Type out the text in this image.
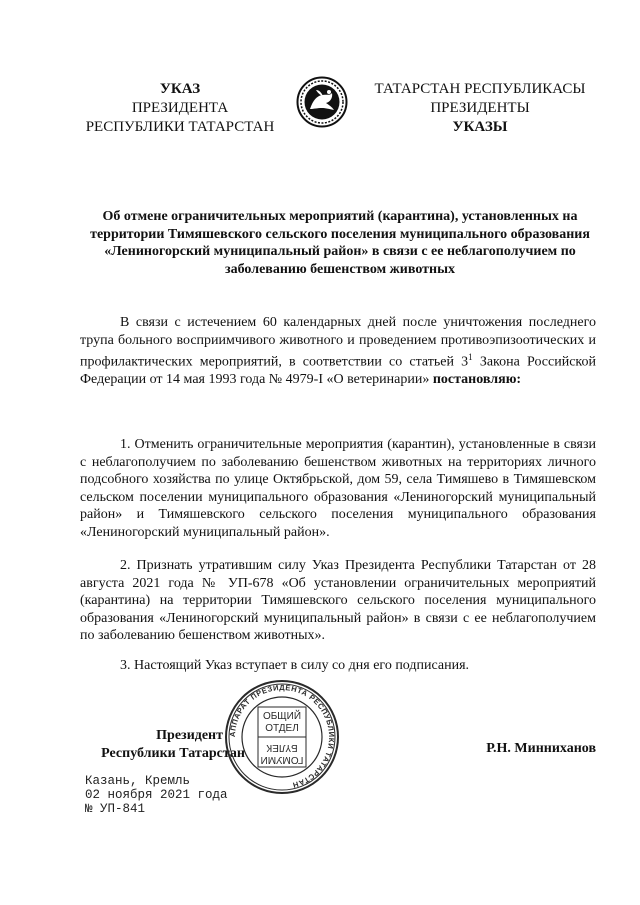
УКАЗ
ПРЕЗИДЕНТА
РЕСПУБЛИКИ ТАТАРСТАН
ТАТАРСТАН РЕСПУБЛИКАСЫ
ПРЕЗИДЕНТЫ
УКАЗЫ
Об отмене ограничительных мероприятий (карантина), установленных на территории Тимяшевского сельского поселения муниципального образования «Лениногорский муниципальный район» в связи с ее неблагополучием по заболеванию бешенством животных
В связи с истечением 60 календарных дней после уничтожения последнего трупа больного восприимчивого животного и проведением противоэпизоотических и профилактических мероприятий, в соответствии со статьей $3^1$ Закона Российской Федерации от 14 мая 1993 года № 4979-I «О ветеринарии» постановляю:
1. Отменить ограничительные мероприятия (карантин), установленные в связи с неблагополучием по заболеванию бешенством животных на территориях личного подсобного хозяйства по улице Октябрьской, дом 59, села Тимяшево в Тимяшевском сельском поселении муниципального образования «Лениногорский муниципальный район» и Тимяшевского сельского поселения муниципального образования «Лениногорский муниципальный район».
2. Признать утратившим силу Указ Президента Республики Татарстан от 28 августа 2021 года № УП-678 «Об установлении ограничительных мероприятий (карантина) на территории Тимяшевского сельского поселения муниципального образования «Лениногорский муниципальный район» в связи с ее неблагополучием по заболеванию бешенством животных».
3. Настоящий Указ вступает в силу со дня его подписания.
Президент
Республики Татарстан
АППАРАТ ПРЕЗИДЕНТА РЕСПУБЛИКИ ТАТАРСТАН
ОБЩИЙ
ОТДЕЛ
ГОМУМИ
БҮЛЕК	Р.Н. Минниханов
Казань, Кремль
02 ноября 2021 года
№ УП-841
